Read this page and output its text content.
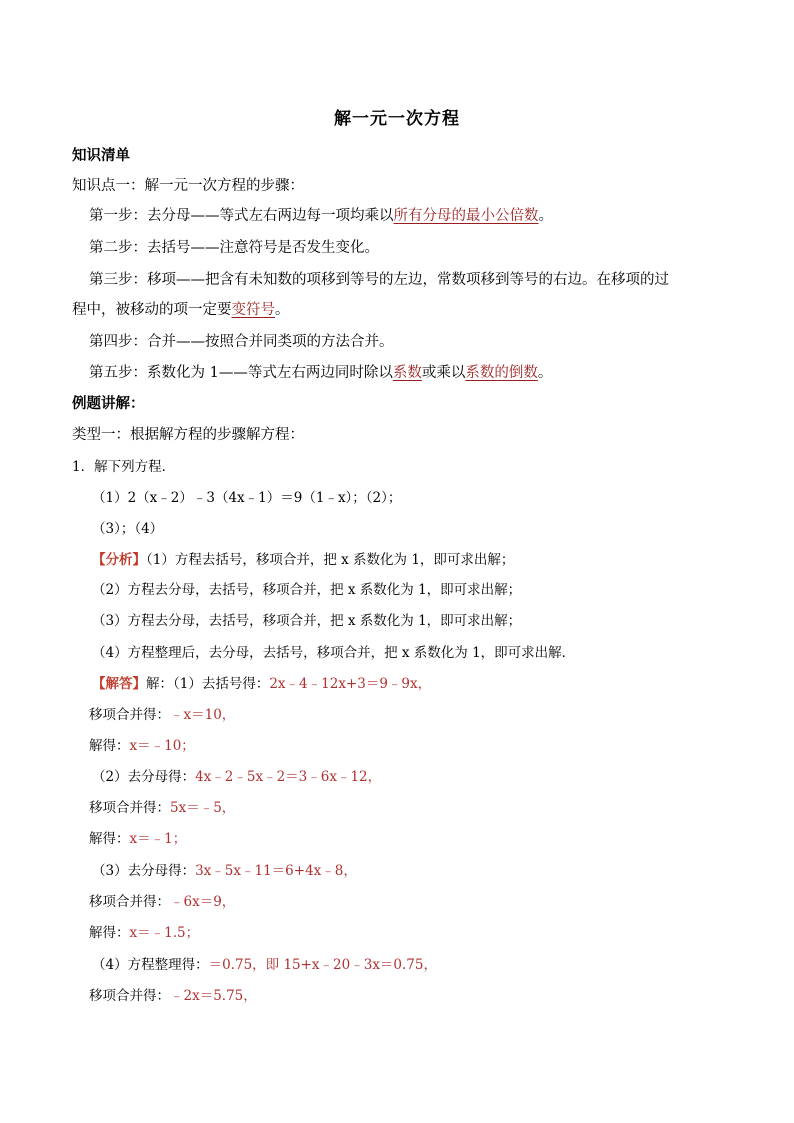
解一元一次方程
知识清单
知识点一：解一元一次方程的步骤：
第一步：去分母——等式左右两边每一项均乘以所有分母的最小公倍数。
第二步：去括号——注意符号是否发生变化。
第三步：移项——把含有未知数的项移到等号的左边，常数项移到等号的右边。在移项的过
程中，被移动的项一定要变符号。
第四步：合并——按照合并同类项的方法合并。
第五步：系数化为 1——等式左右两边同时除以系数或乘以系数的倒数。
例题讲解：
类型一：根据解方程的步骤解方程：
1．解下列方程．
（1）2（x﹣2）﹣3（4x﹣1）＝9（1﹣x）；（2）；
（3）；（4）
【分析】（1）方程去括号，移项合并，把 x 系数化为 1，即可求出解；
（2）方程去分母，去括号，移项合并，把 x 系数化为 1，即可求出解；
（3）方程去分母，去括号，移项合并，把 x 系数化为 1，即可求出解；
（4）方程整理后，去分母，去括号，移项合并，把 x 系数化为 1，即可求出解．
【解答】解：（1）去括号得：2x﹣4﹣12x+3＝9﹣9x，
移项合并得：﹣x＝10，
解得：x＝﹣10；
（2）去分母得：4x﹣2﹣5x﹣2＝3﹣6x﹣12，
移项合并得：5x＝﹣5，
解得：x＝﹣1；
（3）去分母得：3x﹣5x﹣11＝6+4x﹣8，
移项合并得：﹣6x＝9，
解得：x＝﹣1.5；
（4）方程整理得：＝0.75，即 15+x﹣20﹣3x＝0.75，
移项合并得：﹣2x＝5.75，
